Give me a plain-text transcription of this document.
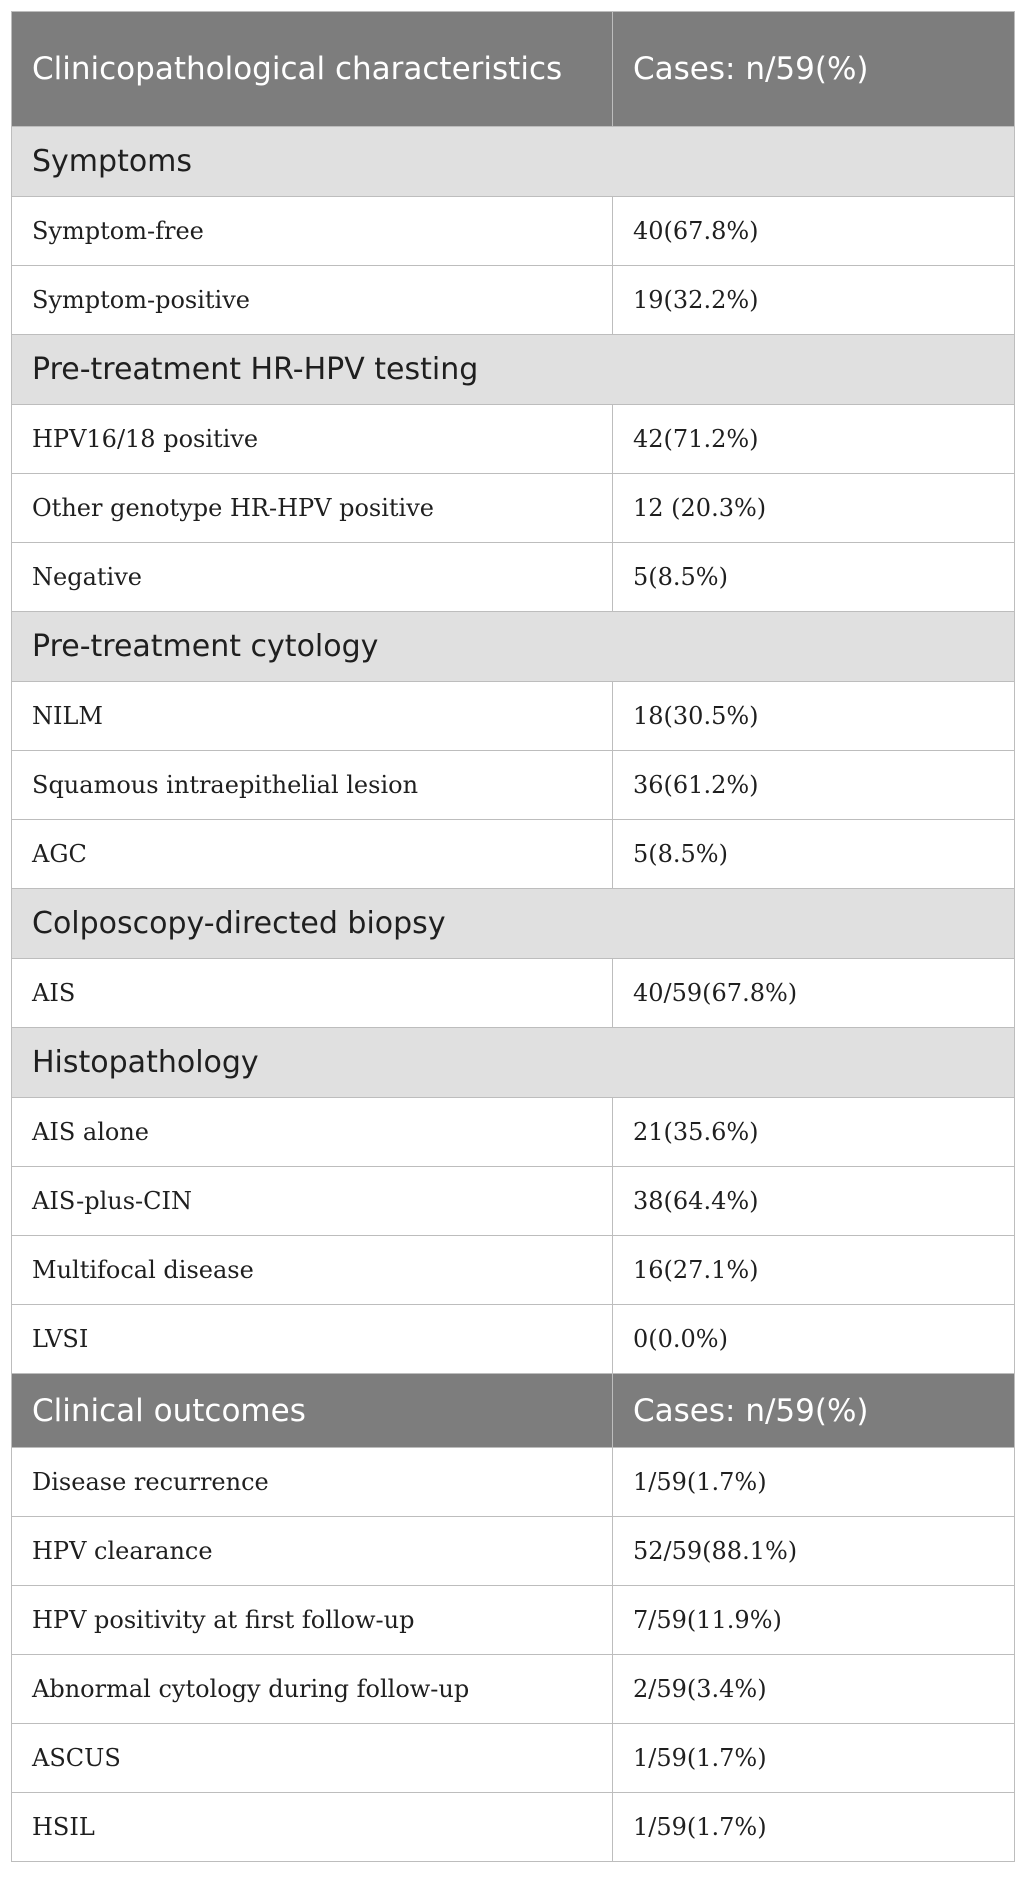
Clinicopathological characteristics	Cases: n/59(%)
Symptoms	
Symptom-free	40(67.8%)
Symptom-positive	19(32.2%)
Pre-treatment HR-HPV testing	
HPV16/18 positive	42(71.2%)
Other genotype HR-HPV positive	12 (20.3%)
Negative	5(8.5%)
Pre-treatment cytology	
NILM	18(30.5%)
Squamous intraepithelial lesion	36(61.2%)
AGC	5(8.5%)
Colposcopy-directed biopsy	
AIS	40/59(67.8%)
Histopathology	
AIS alone	21(35.6%)
AIS-plus-CIN	38(64.4%)
Multifocal disease	16(27.1%)
LVSI	0(0.0%)
Clinical outcomes	Cases: n/59(%)
Disease recurrence	1/59(1.7%)
HPV clearance	52/59(88.1%)
HPV positivity at first follow-up	7/59(11.9%)
Abnormal cytology during follow-up	2/59(3.4%)
ASCUS	1/59(1.7%)
HSIL	1/59(1.7%)
